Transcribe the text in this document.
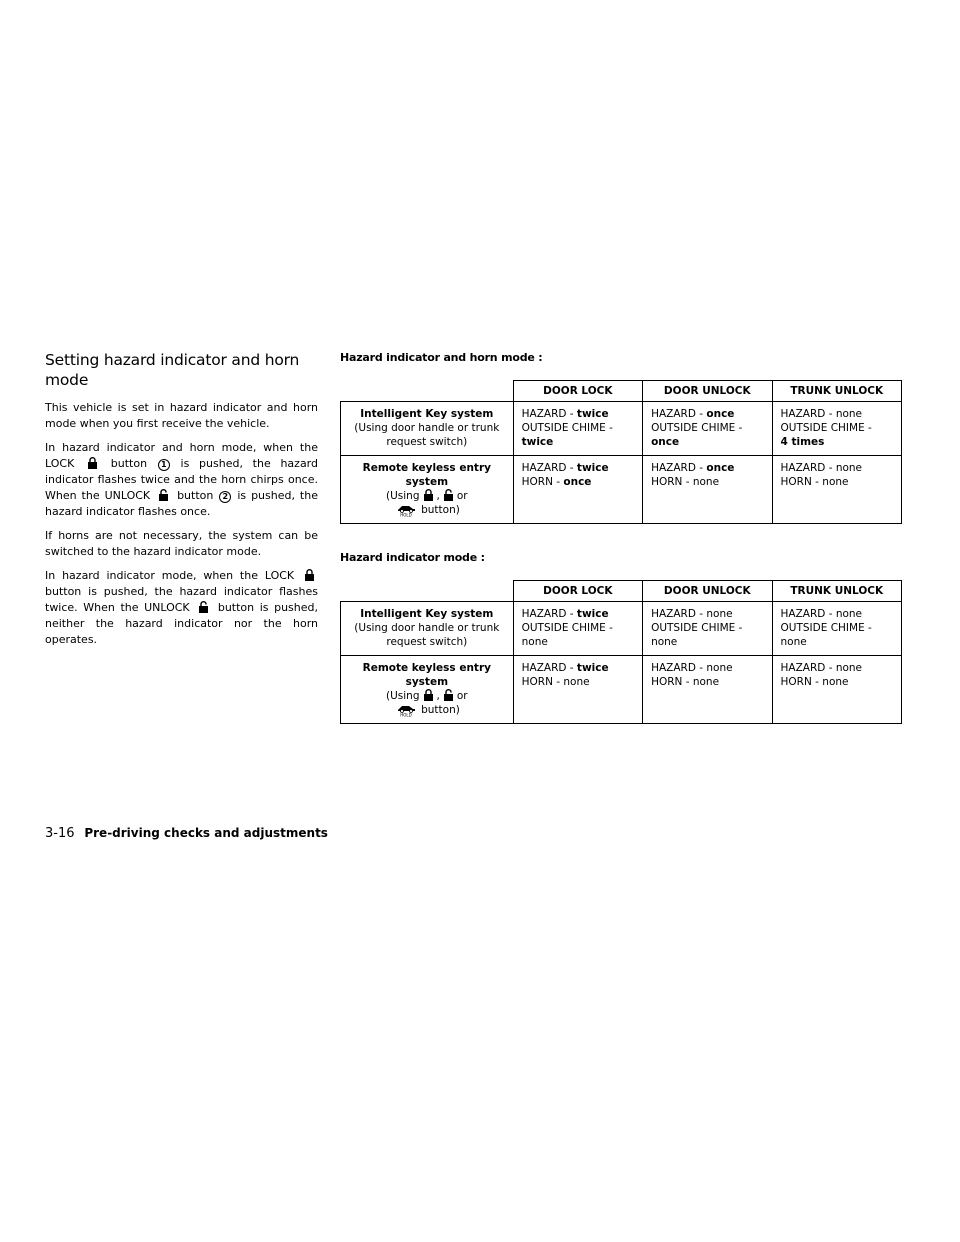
Setting hazard indicator and horn mode

This vehicle is set in hazard indicator and horn mode when you first receive the vehicle.

In hazard indicator and horn mode, when the LOCK	button 1 is pushed, the hazard indicator flashes twice and the horn chirps once. When the UNLOCK button 2 is pushed, the hazard indicator flashes once.

If horns are not necessary, the system can be switched to the hazard indicator mode.

In hazard indicator mode, when the LOCK  button is pushed, the hazard indicator flashes twice. When the UNLOCK	button is pushed, neither the hazard indicator nor the horn operates.

Hazard indicator and horn mode :

	DOOR LOCK	DOOR UNLOCK	TRUNK UNLOCK

Intelligent Key system
(Using door handle or trunk request switch)	HAZARD - twice
OUTSIDE CHIME -
twice	HAZARD - once
OUTSIDE CHIME -
once	HAZARD - none
OUTSIDE CHIME -
4 times

Remote keyless entry system
(Using , or
HOLD button)	HAZARD - twice
HORN - once	HAZARD - once
HORN - none	HAZARD - none
HORN - none

Hazard indicator mode :

	DOOR LOCK	DOOR UNLOCK	TRUNK UNLOCK

Intelligent Key system
(Using door handle or trunk request switch)	HAZARD - twice
OUTSIDE CHIME -
none	HAZARD - none
OUTSIDE CHIME -
none	HAZARD - none
OUTSIDE CHIME -
none

Remote keyless entry system
(Using , or
HOLD button)	HAZARD - twice
HORN - none	HAZARD - none
HORN - none	HAZARD - none
HORN - none
3-16 Pre-driving checks and adjustments
